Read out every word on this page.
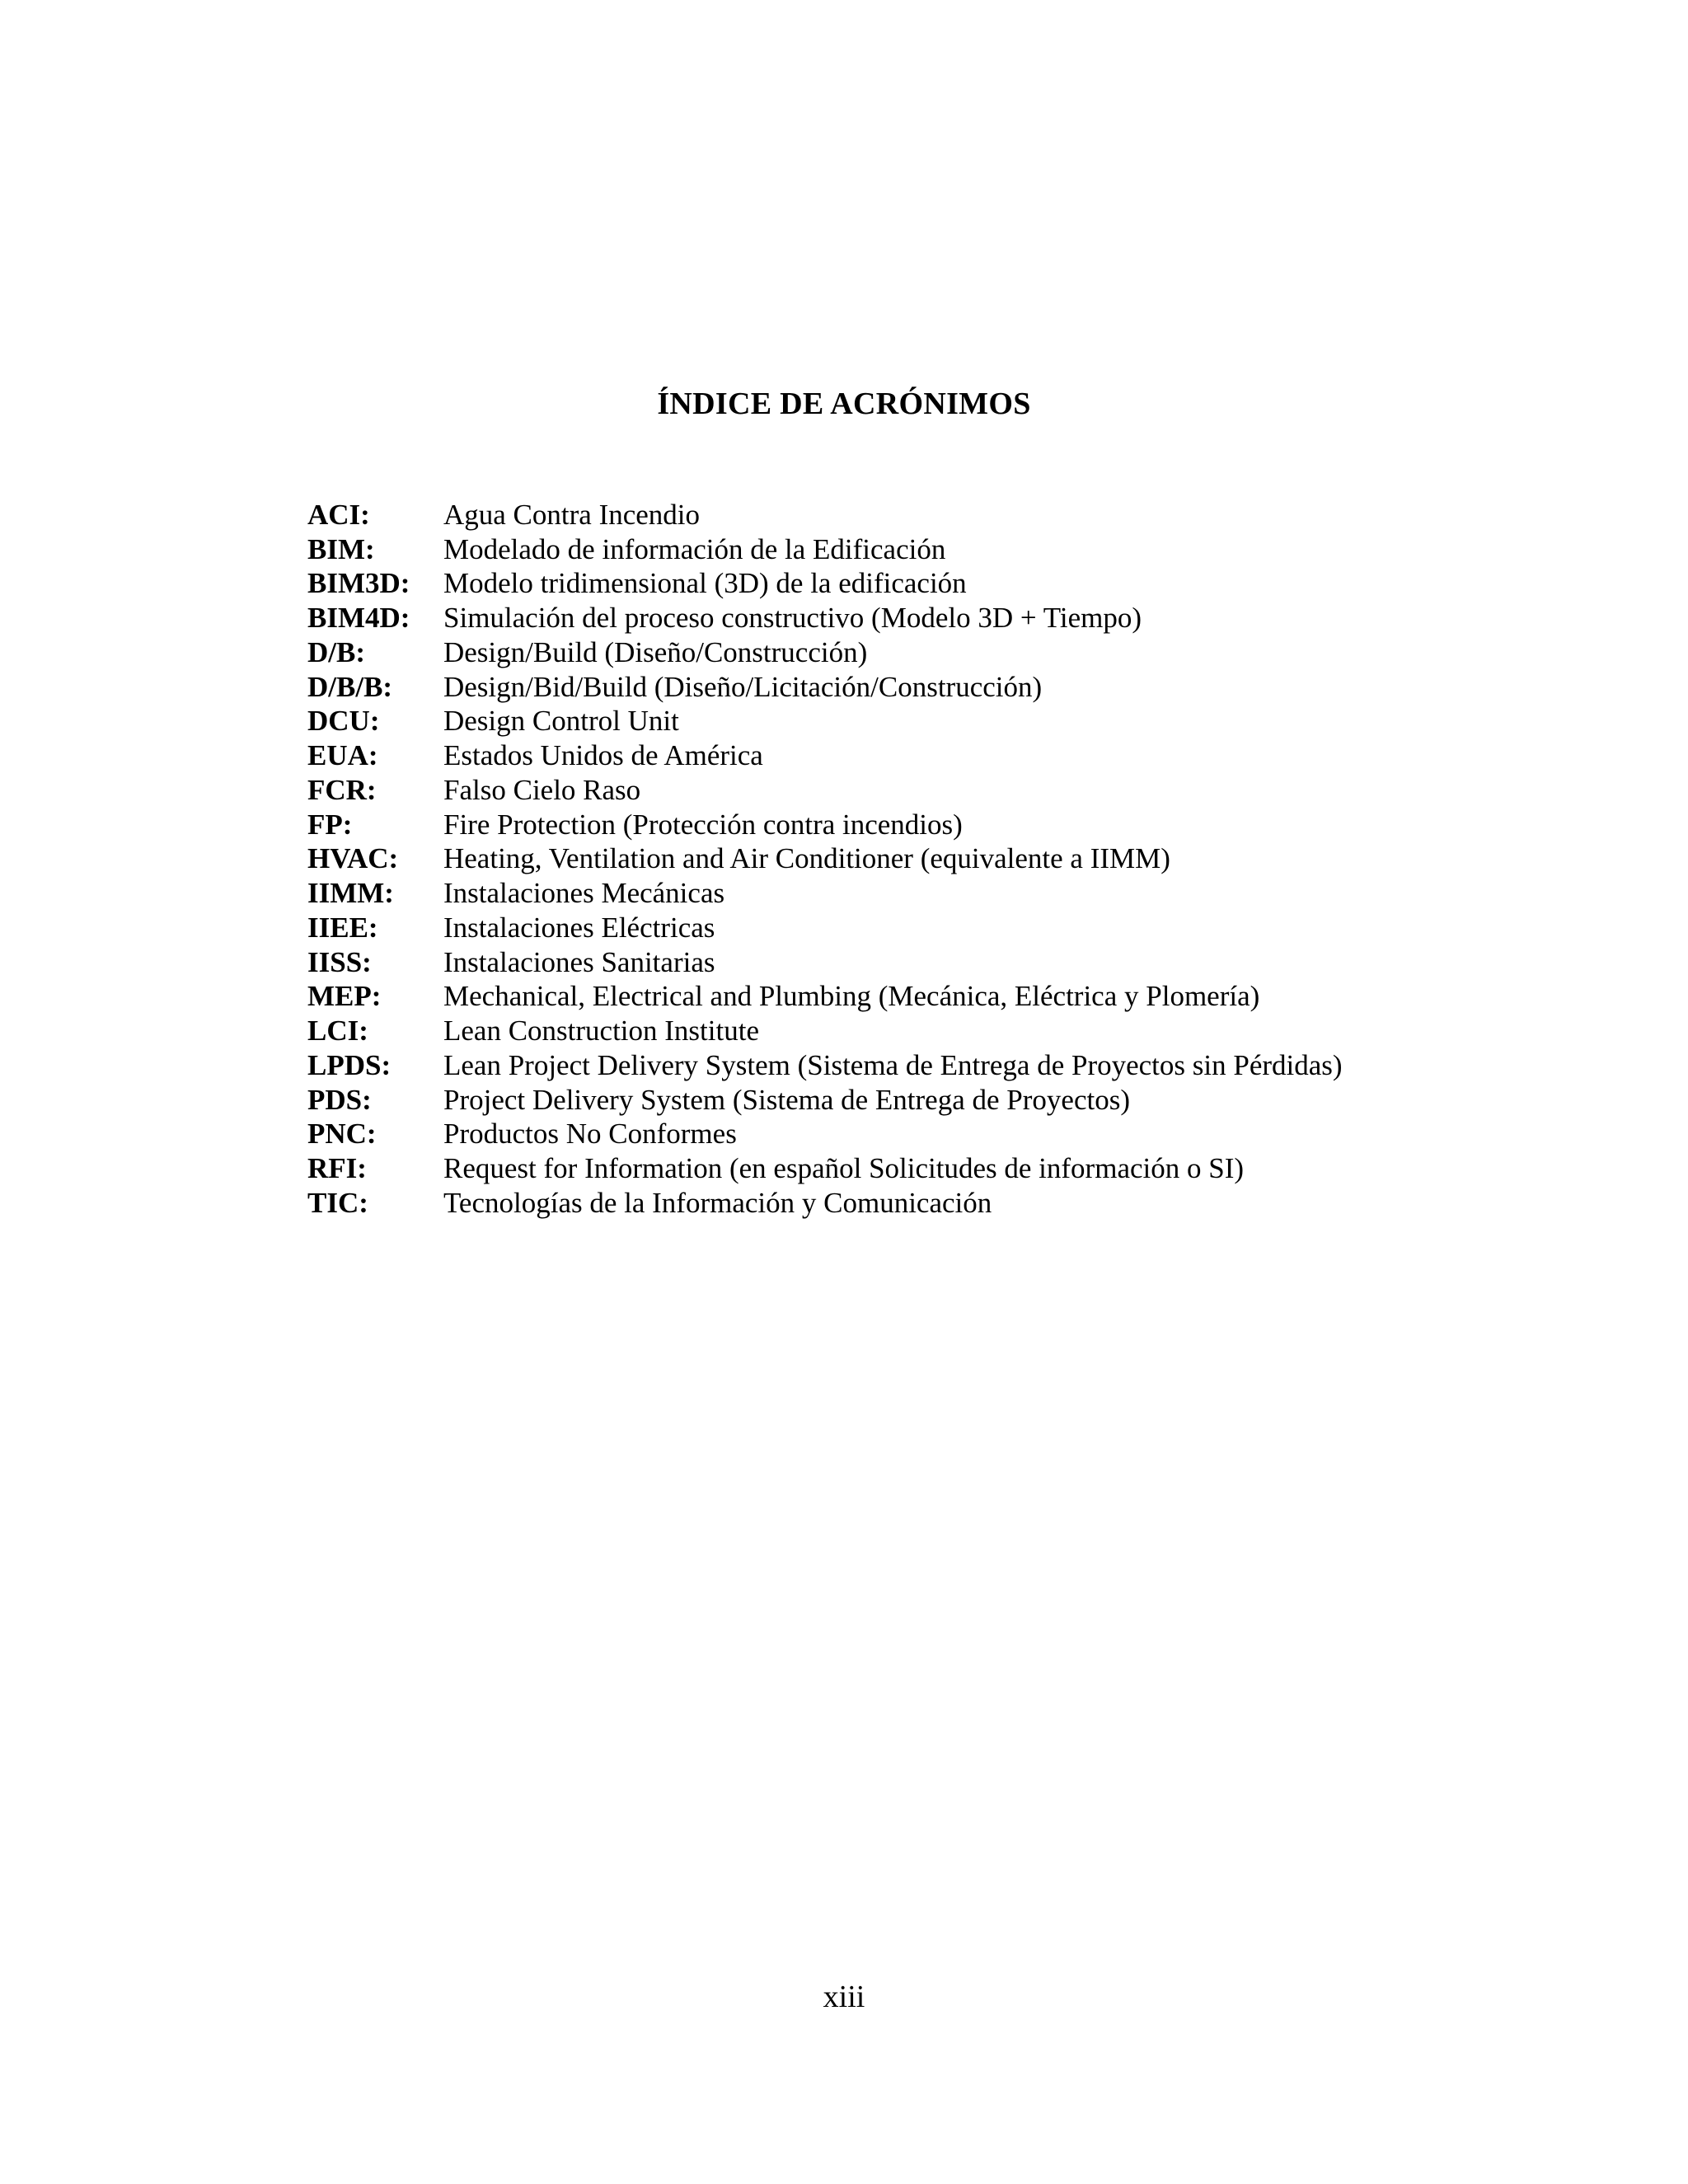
ÍNDICE DE ACRÓNIMOS
ACI:	Agua Contra Incendio
BIM:	Modelado de información de la Edificación
BIM3D:	Modelo tridimensional (3D) de la edificación
BIM4D:	Simulación del proceso constructivo (Modelo 3D + Tiempo)
D/B:	Design/Build (Diseño/Construcción)
D/B/B:	Design/Bid/Build (Diseño/Licitación/Construcción)
DCU:	Design Control Unit
EUA:	Estados Unidos de América
FCR:	Falso Cielo Raso
FP:	Fire Protection (Protección contra incendios)
HVAC:	Heating, Ventilation and Air Conditioner (equivalente a IIMM)
IIMM:	Instalaciones Mecánicas
IIEE:	Instalaciones Eléctricas
IISS:	Instalaciones Sanitarias
MEP:	Mechanical, Electrical and Plumbing (Mecánica, Eléctrica y Plomería)
LCI:	Lean Construction Institute
LPDS:	Lean Project Delivery System (Sistema de Entrega de Proyectos sin Pérdidas)
PDS:	Project Delivery System (Sistema de Entrega de Proyectos)
PNC:	Productos No Conformes
RFI:	Request for Information (en español Solicitudes de información o SI)
TIC:	Tecnologías de la Información y Comunicación
xiii
